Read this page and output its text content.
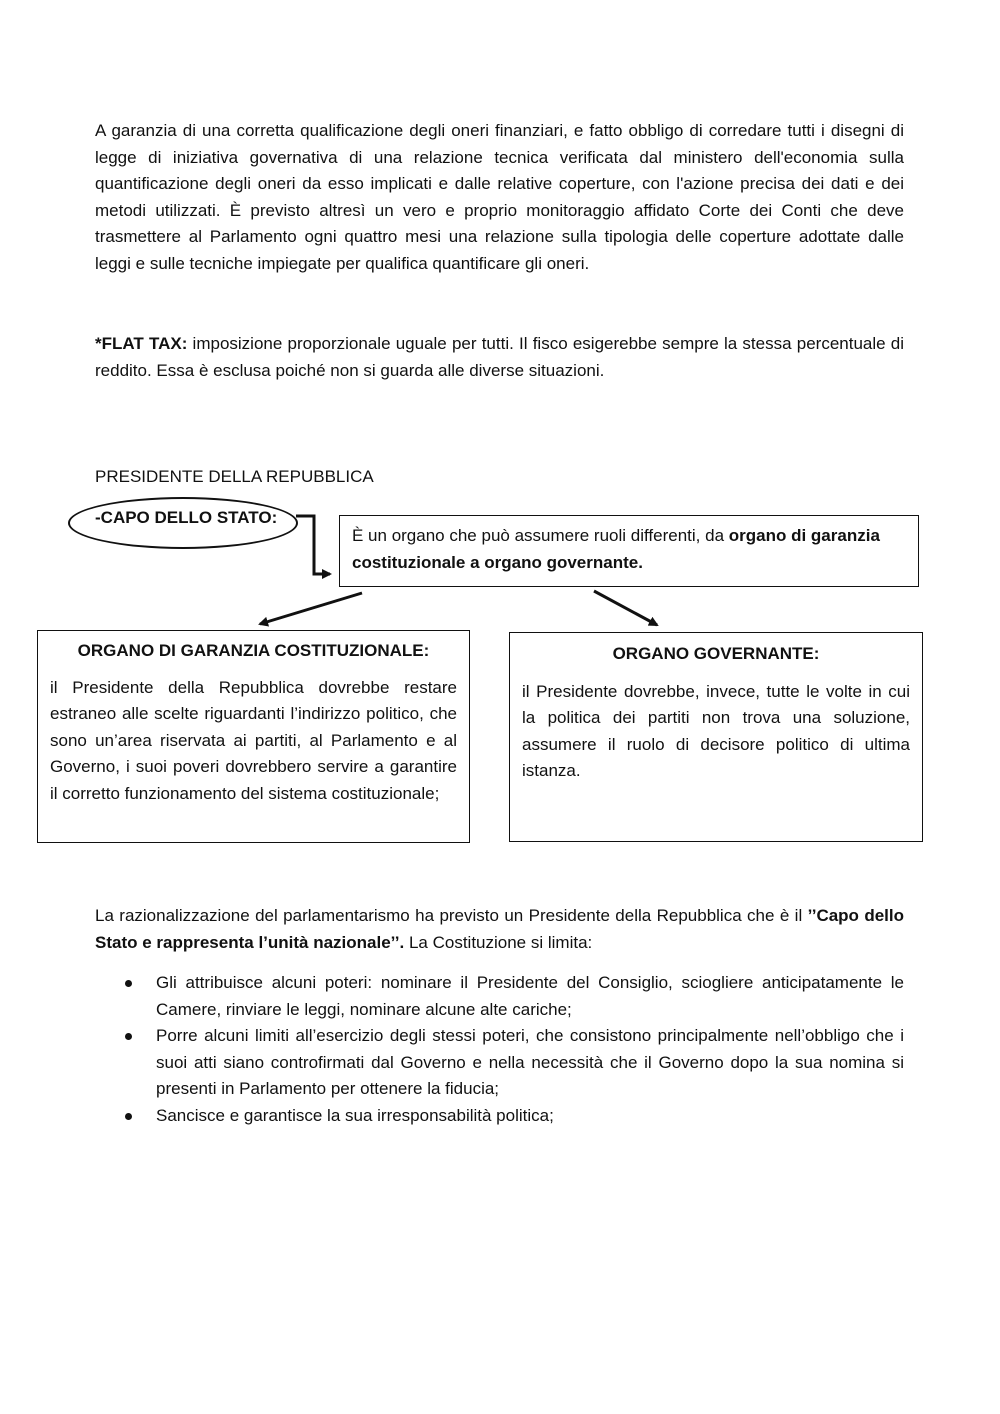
A garanzia di una corretta qualificazione degli oneri finanziari, e fatto obbligo di corredare tutti i disegni di legge di iniziativa governativa di una relazione tecnica verificata dal ministero dell'economia sulla quantificazione degli oneri da esso implicati e dalle relative coperture, con l'azione precisa dei dati e dei metodi utilizzati. È previsto altresì un vero e proprio monitoraggio affidato Corte dei Conti che deve trasmettere al Parlamento ogni quattro mesi una relazione sulla tipologia delle coperture adottate dalle leggi e sulle tecniche impiegate per qualifica quantificare gli oneri.

*FLAT TAX: imposizione proporzionale uguale per tutti. Il fisco esigerebbe sempre la stessa percentuale di reddito. Essa è esclusa poiché non si guarda alle diverse situazioni.

PRESIDENTE DELLA REPUBBLICA

-CAPO DELLO STATO:

È un organo che può assumere ruoli differenti, da organo di garanzia costituzionale a organo governante.

ORGANO DI GARANZIA COSTITUZIONALE:

il Presidente della Repubblica dovrebbe restare estraneo alle scelte riguardanti l’indirizzo politico, che sono un’area riservata ai partiti, al Parlamento e al Governo, i suoi poveri dovrebbero servire a garantire il corretto funzionamento del sistema costituzionale;

ORGANO GOVERNANTE:

il Presidente dovrebbe, invece, tutte le volte in cui la politica dei partiti non trova una soluzione, assumere il ruolo di decisore politico di ultima istanza.

La razionalizzazione del parlamentarismo ha previsto un Presidente della Repubblica che è il ’’Capo dello Stato e rappresenta l’unità nazionale’’. La Costituzione si limita:

Gli attribuisce alcuni poteri: nominare il Presidente del Consiglio, sciogliere anticipatamente le Camere, rinviare le leggi, nominare alcune alte cariche;
Porre alcuni limiti all’esercizio degli stessi poteri, che consistono principalmente nell’obbligo che i suoi atti siano controfirmati dal Governo e nella necessità che il Governo dopo la sua nomina si presenti in Parlamento per ottenere la fiducia;
Sancisce e garantisce la sua irresponsabilità politica;
